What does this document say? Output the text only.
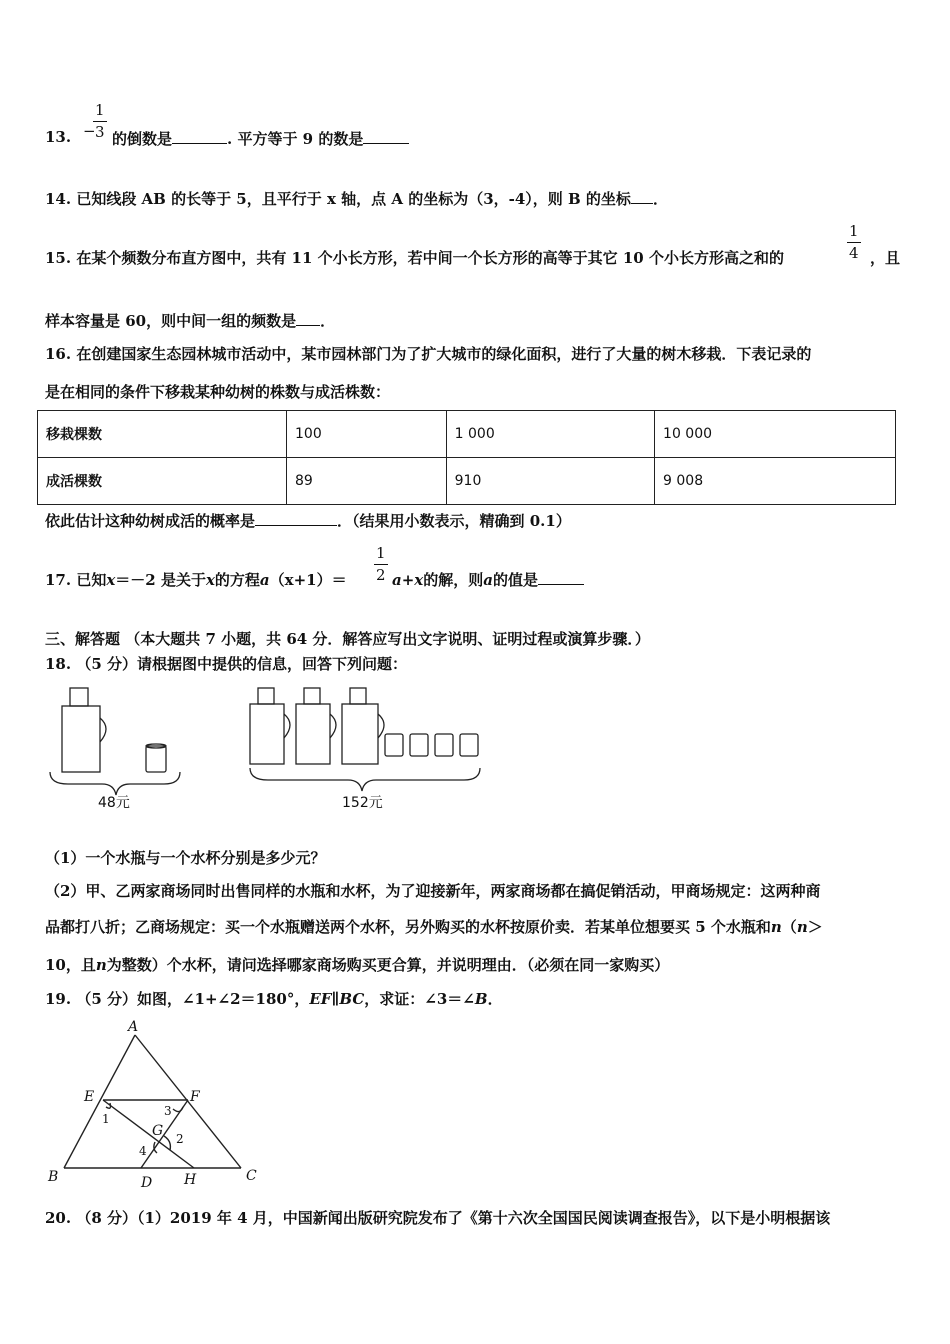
−
1
3
13.	的倒数是	. 平方等于 9 的数是
14. 已知线段 AB 的长等于 5，且平行于 x 轴，点 A 的坐标为（3，-4），则 B 的坐标 ．
15. 在某个频数分布直方图中，共有 11 个小长方形，若中间一个长方形的高等于其它 10 个小长方形高之和的
1
4 ，且
样本容量是 60，则中间一组的频数是 ．
16. 在创建国家生态园林城市活动中，某市园林部门为了扩大城市的绿化面积，进行了大量的树木移栽．下表记录的
是在相同的条件下移栽某种幼树的株数与成活株数：
移栽棵数	100	1 000	10 000
成活棵数	89	910	9 008
依此估计这种幼树成活的概率是	．（结果用小数表示，精确到 0.1）
17. 已知x＝－2 是关于x的方程a（x+1）＝
1
2 a+x的解，则a的值是
三、解答题 （本大题共 7 小题，共 64 分．解答应写出文字说明、证明过程或演算步骤．）
18. （5 分）请根据图中提供的信息，回答下列问题：
48元	152元
（1）一个水瓶与一个水杯分别是多少元？
（2）甲、乙两家商场同时出售同样的水瓶和水杯，为了迎接新年，两家商场都在搞促销活动，甲商场规定：这两种商
品都打八折；乙商场规定：买一个水瓶赠送两个水杯，另外购买的水杯按原价卖．若某单位想要买 5 个水瓶和n（n＞
10，且n为整数）个水杯，请问选择哪家商场购买更合算，并说明理由．（必须在同一家购买）
19. （5 分）如图，∠1+∠2＝180°，EF∥BC，求证：∠3＝∠B．
A
E	F
G
B	D H	C
1
2
3
4
20. （8 分）（1）2019 年 4 月，中国新闻出版研究院发布了《第十六次全国国民阅读调查报告》，以下是小明根据该
